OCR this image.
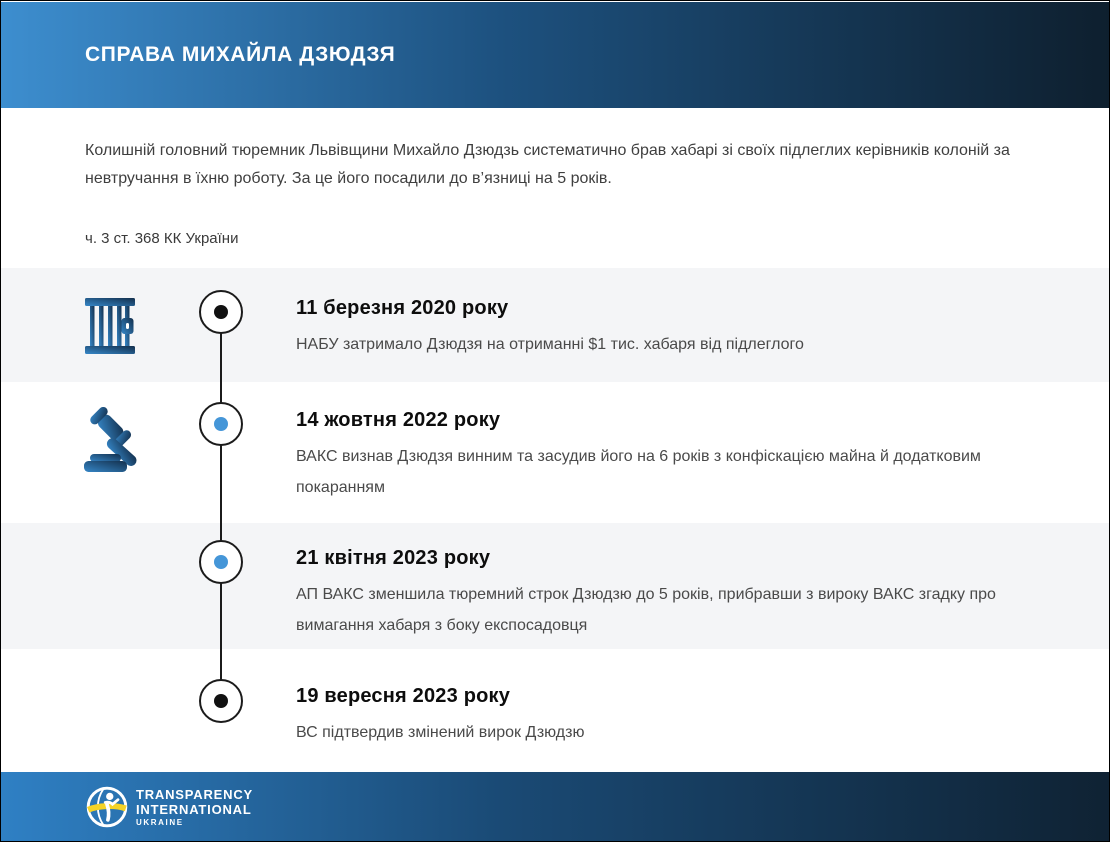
СПРАВА МИХАЙЛА ДЗЮДЗЯ

Колишній головний тюремник Львівщини Михайло Дзюдзь систематично брав хабарі зі своїх підлеглих керівників колоній за невтручання в їхню роботу. За це його посадили до в’язниці на 5 років.

ч. 3 ст. 368 КК України

11 березня 2020 року

НАБУ затримало Дзюдзя на отриманні $1 тис. хабаря від підлеглого

14 жовтня 2022 року

ВАКС визнав Дзюдзя винним та засудив його на 6 років з конфіскацією майна й додатковим покаранням

21 квітня 2023 року

АП ВАКС зменшила тюремний строк Дзюдзю до 5 років, прибравши з вироку ВАКС згадку про вимагання хабаря з боку експосадовця

19 вересня 2023 року

ВС підтвердив змінений вирок Дзюдзю

TRANSPARENCY
INTERNATIONAL
UKRAINE
